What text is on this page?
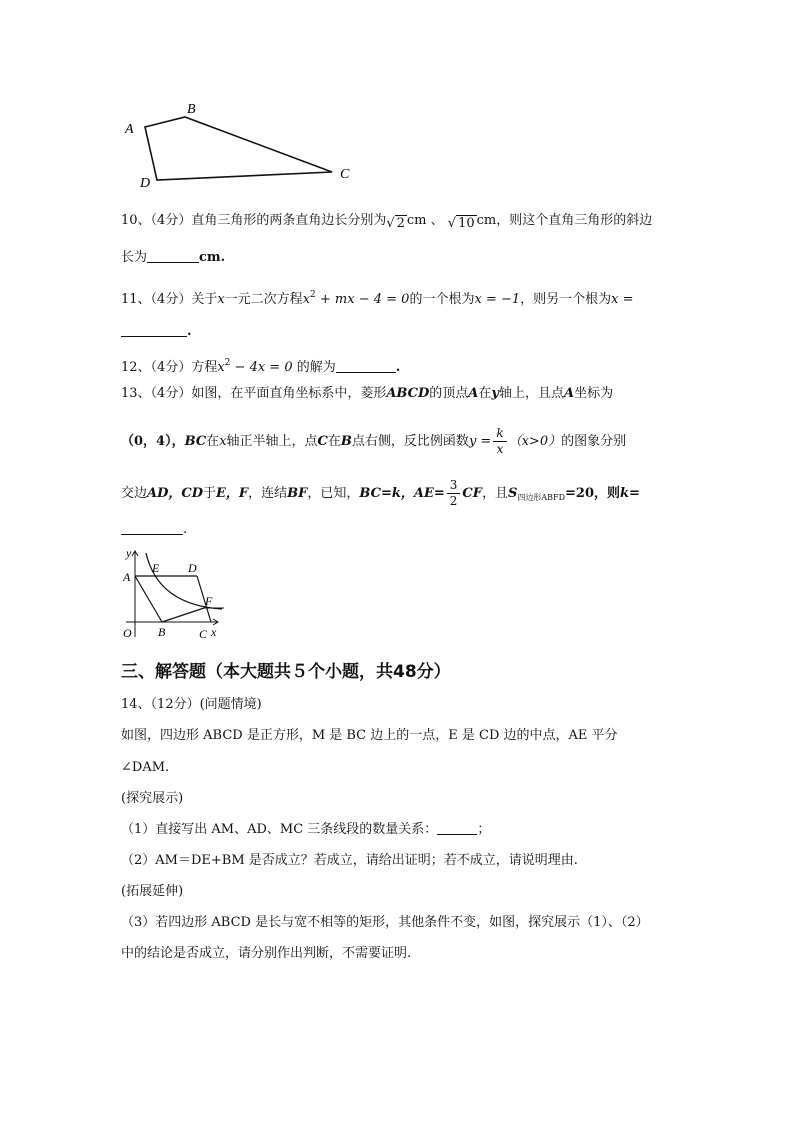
A
B
C
D
10、（4分）直角三角形的两条直角边长分别为√ 2 cm 、 √ 10 cm，则这个直角三角形的斜边
长为	cm.
11、（4分）关于x一元二次方程$x^2$ + mx − 4 = 0的一个根为x = −1，则另一个根为x =
.
12、（4分）方程$x^2 - 4x = 0$ 的解为	.
13、（4分）如图，在平面直角坐标系中，菱形ABCD的顶点A在y轴上，且点A坐标为
（0，4），BC在x轴正半轴上，点C在B点右侧，反比例函数$y = \frac{k}{x} (x>0)$的图象分别
交边AD，CD于E，F，连结BF，已知，BC=k，$AE= \frac{3}{2}$ CF，且$S_{四边形ABFD}=20$，则k=
.
y
A
E D
F
O B	C x
三、解答题（本大题共５个小题，共48分）
14、（12分）(问题情境)
如图，四边形 ABCD 是正方形，M 是 BC 边上的一点，E 是 CD 边的中点，AE 平分
∠DAM.
(探究展示)
（1）直接写出 AM、AD、MC 三条线段的数量关系：	；
（2）AM＝DE+BM 是否成立？若成立，请给出证明；若不成立，请说明理由.
(拓展延伸)
（3）若四边形 ABCD 是长与宽不相等的矩形，其他条件不变，如图，探究展示（1）、（2）
中的结论是否成立，请分别作出判断，不需要证明.
